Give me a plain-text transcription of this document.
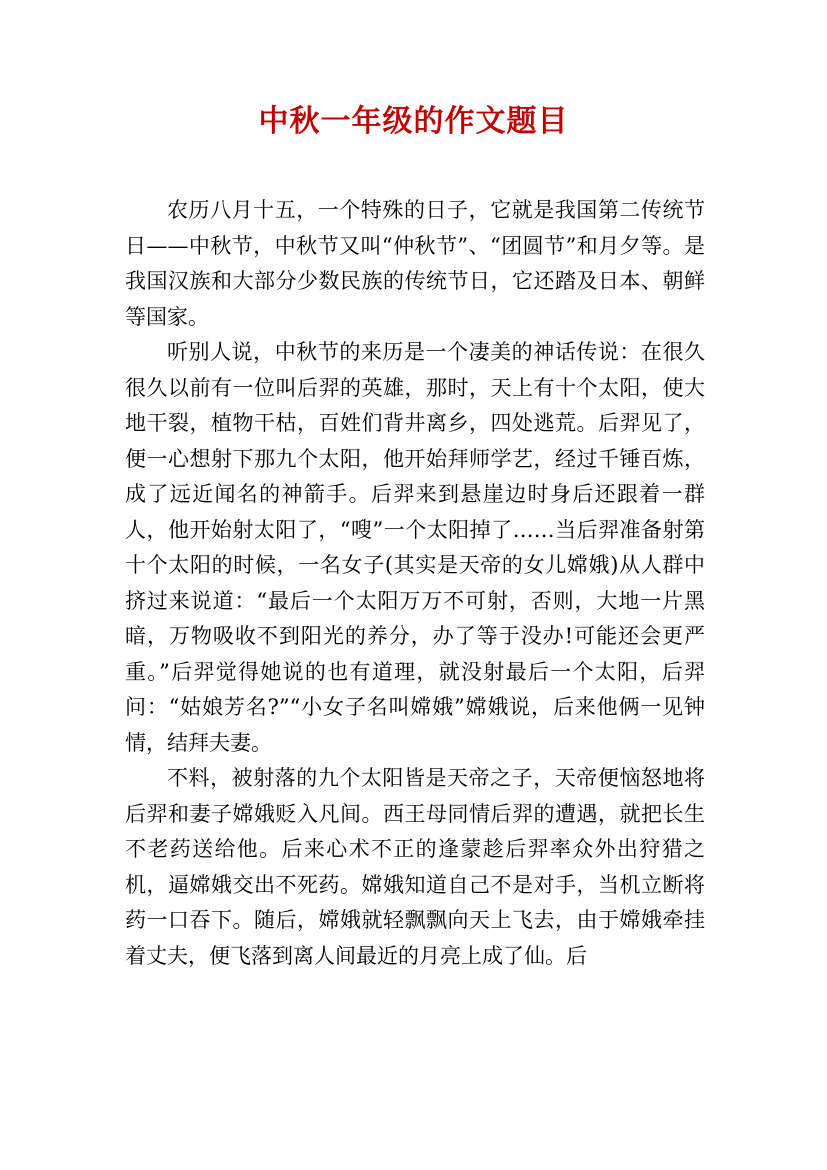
中秋一年级的作文题目

农历八月十五，一个特殊的日子，它就是我国第二传统节日——中秋节，中秋节又叫“仲秋节”、“团圆节”和月夕等。是我国汉族和大部分少数民族的传统节日，它还踏及日本、朝鲜等国家。

听别人说，中秋节的来历是一个凄美的神话传说：在很久很久以前有一位叫后羿的英雄，那时，天上有十个太阳，使大地干裂，植物干枯，百姓们背井离乡，四处逃荒。后羿见了，便一心想射下那九个太阳，他开始拜师学艺，经过千锤百炼，成了远近闻名的神箭手。后羿来到悬崖边时身后还跟着一群人，他开始射太阳了，“嗖”一个太阳掉了……当后羿准备射第十个太阳的时候，一名女子(其实是天帝的女儿嫦娥)从人群中挤过来说道：“最后一个太阳万万不可射，否则，大地一片黑暗，万物吸收不到阳光的养分，办了等于没办!可能还会更严重。”后羿觉得她说的也有道理，就没射最后一个太阳，后羿问：“姑娘芳名?”“小女子名叫嫦娥”嫦娥说，后来他俩一见钟情，结拜夫妻。

不料，被射落的九个太阳皆是天帝之子，天帝便恼怒地将后羿和妻子嫦娥贬入凡间。西王母同情后羿的遭遇，就把长生不老药送给他。后来心术不正的逢蒙趁后羿率众外出狩猎之机，逼嫦娥交出不死药。嫦娥知道自己不是对手，当机立断将药一口吞下。随后，嫦娥就轻飘飘向天上飞去，由于嫦娥牵挂着丈夫，便飞落到离人间最近的月亮上成了仙。后
